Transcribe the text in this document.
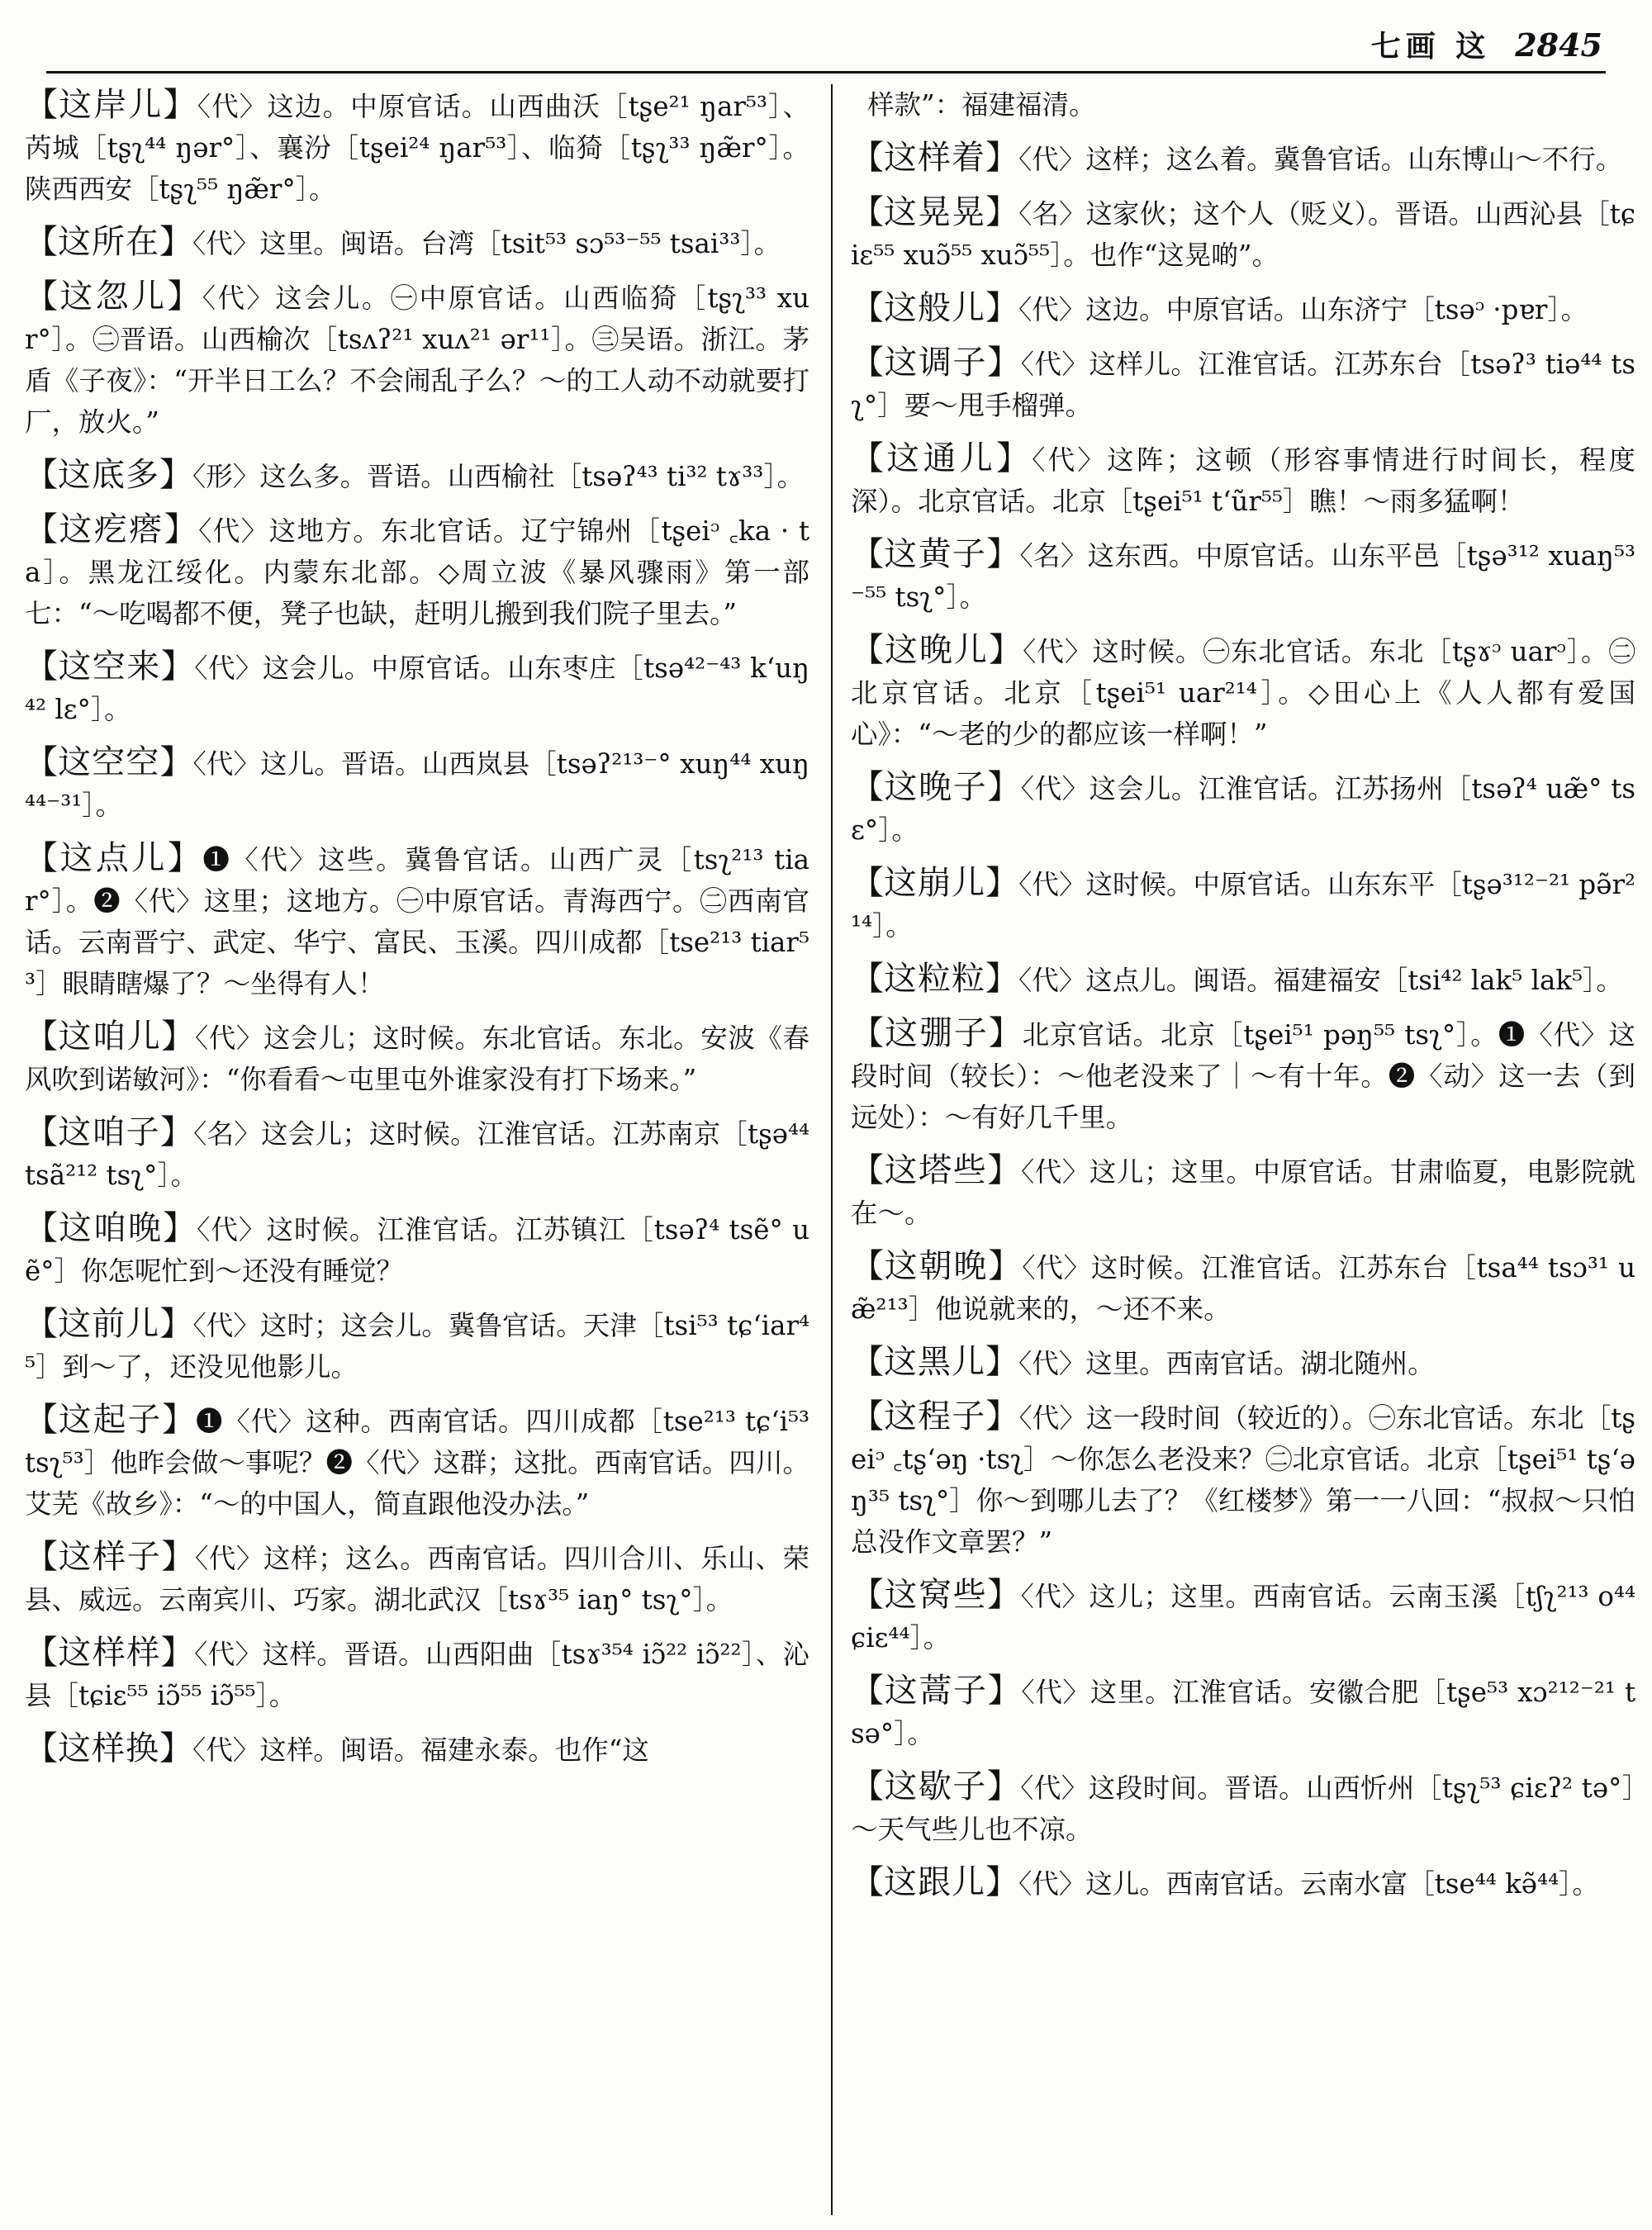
七画 这 2845

【这岸儿】〈代〉这边。中原官话。山西曲沃［tʂe²¹ ŋar⁵³］、芮城［tʂʅ⁴⁴ ŋər°］、襄汾［tʂei²⁴ ŋar⁵³］、临猗［tʂʅ³³ ŋæ̃r°］。陕西西安［tʂʅ⁵⁵ ŋæ̃r°］。

【这所在】〈代〉这里。闽语。台湾［tsit⁵³ sɔ⁵³⁻⁵⁵ tsai³³］。

【这忽儿】〈代〉这会儿。㊀中原官话。山西临猗［tʂʅ³³ xur°］。㊁晋语。山西榆次［tsʌʔ²¹ xuʌ²¹ ər¹¹］。㊂吴语。浙江。茅盾《子夜》：“开半日工么？不会闹乱子么？～的工人动不动就要打厂，放火。”

【这底多】〈形〉这么多。晋语。山西榆社［tsəʔ⁴³ ti³² tɤ³³］。

【这疙瘩】〈代〉这地方。东北官话。辽宁锦州［tʂeiᵓ ꜀ka · ta］。黑龙江绥化。内蒙东北部。◇周立波《暴风骤雨》第一部七：“～吃喝都不便，凳子也缺，赶明儿搬到我们院子里去。”

【这空来】〈代〉这会儿。中原官话。山东枣庄［tsə⁴²⁻⁴³ k‘uŋ⁴² lɛ°］。

【这空空】〈代〉这儿。晋语。山西岚县［tsəʔ²¹³⁻° xuŋ⁴⁴ xuŋ⁴⁴⁻³¹］。

【这点儿】❶〈代〉这些。冀鲁官话。山西广灵［tsʅ²¹³ tiar°］。❷〈代〉这里；这地方。㊀中原官话。青海西宁。㊁西南官话。云南晋宁、武定、华宁、富民、玉溪。四川成都［tse²¹³ tiar⁵³］眼睛瞎爆了？～坐得有人！

【这咱儿】〈代〉这会儿；这时候。东北官话。东北。安波《春风吹到诺敏河》：“你看看～屯里屯外谁家没有打下场来。”

【这咱子】〈名〉这会儿；这时候。江淮官话。江苏南京［tʂə⁴⁴ tsã²¹² tsʅ°］。

【这咱晚】〈代〉这时候。江淮官话。江苏镇江［tsəʔ⁴ tsẽ° uẽ°］你怎呢忙到～还没有睡觉？

【这前儿】〈代〉这时；这会儿。冀鲁官话。天津［tsi⁵³ tɕ‘iar⁴⁵］到～了，还没见他影儿。

【这起子】❶〈代〉这种。西南官话。四川成都［tse²¹³ tɕ‘i⁵³ tsʅ⁵³］他昨会做～事呢？❷〈代〉这群；这批。西南官话。四川。艾芜《故乡》：“～的中国人，简直跟他没办法。”

【这样子】〈代〉这样；这么。西南官话。四川合川、乐山、荣县、威远。云南宾川、巧家。湖北武汉［tsɤ³⁵ iaŋ° tsʅ°］。

【这样样】〈代〉这样。晋语。山西阳曲［tsɤ³⁵⁴ iɔ̃²² iɔ̃²²］、沁县［tɕiɛ⁵⁵ iɔ̃⁵⁵ iɔ̃⁵⁵］。

【这样换】〈代〉这样。闽语。福建永泰。也作“这

样款”：福建福清。

【这样着】〈代〉这样；这么着。冀鲁官话。山东博山～不行。

【这晃晃】〈名〉这家伙；这个人（贬义）。晋语。山西沁县［tɕiɛ⁵⁵ xuɔ̃⁵⁵ xuɔ̃⁵⁵］。也作“这晃啲”。

【这般儿】〈代〉这边。中原官话。山东济宁［tsəᵓ ·pɐr］。

【这调子】〈代〉这样儿。江淮官话。江苏东台［tsəʔ³ tiə⁴⁴ tsʅ°］要～甩手榴弹。

【这通儿】〈代〉这阵；这顿（形容事情进行时间长，程度深）。北京官话。北京［tʂei⁵¹ t‘ũr⁵⁵］瞧！～雨多猛啊！

【这黄子】〈名〉这东西。中原官话。山东平邑［tʂə³¹² xuaŋ⁵³⁻⁵⁵ tsʅ°］。

【这晚儿】〈代〉这时候。㊀东北官话。东北［tʂɤᵓ uarᵓ］。㊁北京官话。北京［tʂei⁵¹ uar²¹⁴］。◇田心上《人人都有爱国心》：“～老的少的都应该一样啊！”

【这晚子】〈代〉这会儿。江淮官话。江苏扬州［tsəʔ⁴ uæ̃° tsɛ°］。

【这崩儿】〈代〉这时候。中原官话。山东东平［tʂə³¹²⁻²¹ pə̃r²¹⁴］。

【这粒粒】〈代〉这点儿。闽语。福建福安［tsi⁴² lak⁵ lak⁵］。

【这弸子】北京官话。北京［tʂei⁵¹ pəŋ⁵⁵ tsʅ°］。❶〈代〉这段时间（较长）：～他老没来了｜～有十年。❷〈动〉这一去（到远处）：～有好几千里。

【这塔些】〈代〉这儿；这里。中原官话。甘肃临夏，电影院就在～。

【这朝晚】〈代〉这时候。江淮官话。江苏东台［tsa⁴⁴ tsɔ³¹ uæ̃²¹³］他说就来的，～还不来。

【这黑儿】〈代〉这里。西南官话。湖北随州。

【这程子】〈代〉这一段时间（较近的）。㊀东北官话。东北［tʂeiᵓ ꜀tʂ‘əŋ ·tsʅ］～你怎么老没来？㊁北京官话。北京［tʂei⁵¹ tʂ‘əŋ³⁵ tsʅ°］你～到哪儿去了？《红楼梦》第一一八回：“叔叔～只怕总没作文章罢？”

【这窝些】〈代〉这儿；这里。西南官话。云南玉溪［tʃʅ²¹³ o⁴⁴ ɕiɛ⁴⁴］。

【这蒿子】〈代〉这里。江淮官话。安徽合肥［tʂe⁵³ xɔ²¹²⁻²¹ tsə°］。

【这歇子】〈代〉这段时间。晋语。山西忻州［tʂʅ⁵³ ɕiɛʔ² tə°］～天气些儿也不凉。

【这跟儿】〈代〉这儿。西南官话。云南水富［tse⁴⁴ kə̃⁴⁴］。
